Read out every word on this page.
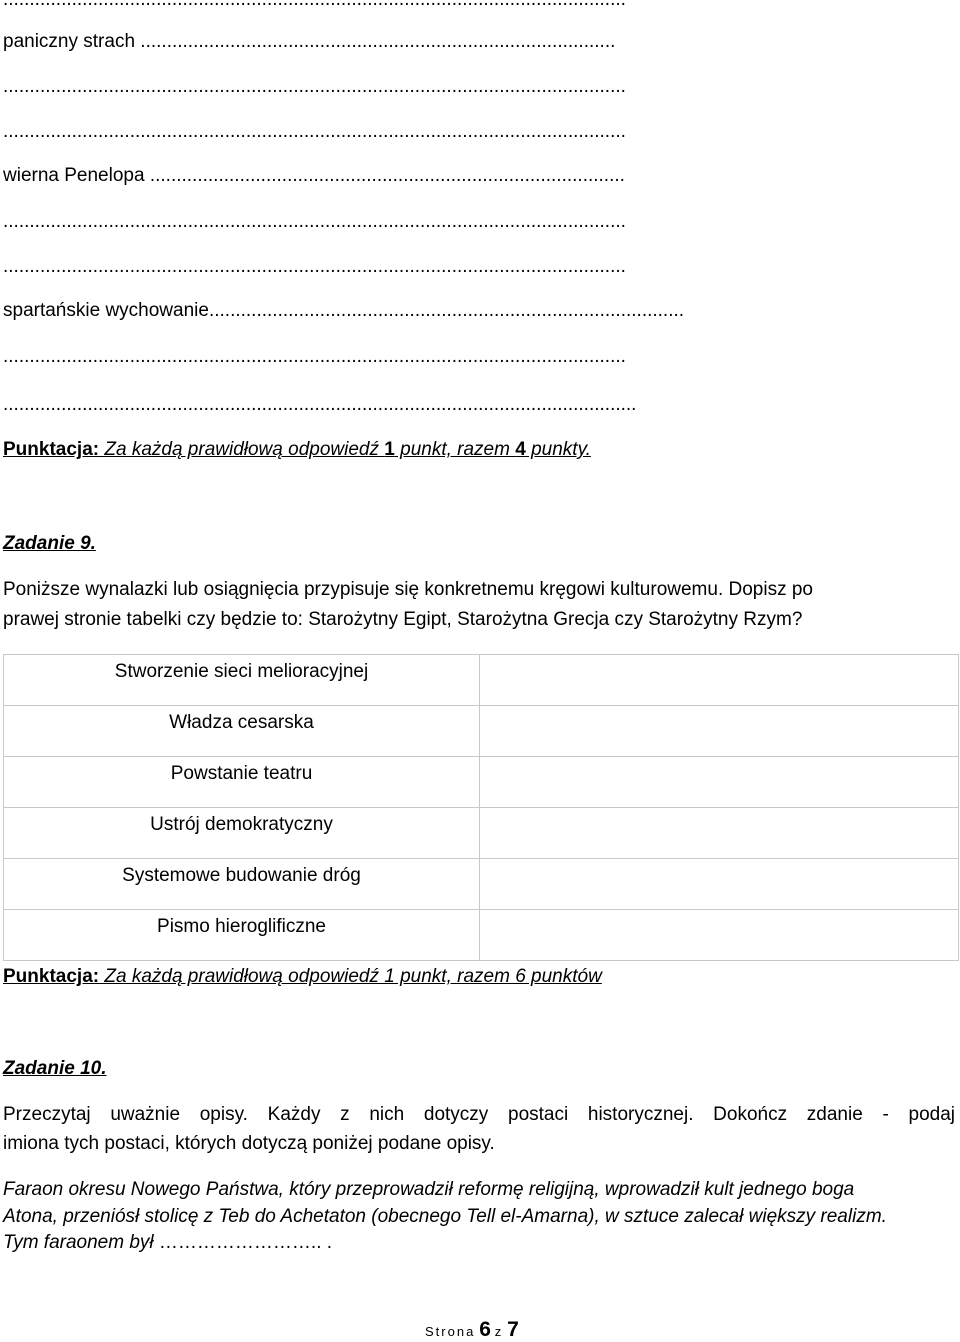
paniczny strach ..........................................................................................
......................................................................................................................
......................................................................................................................
wierna Penelopa ..........................................................................................
......................................................................................................................
......................................................................................................................
spartańskie wychowanie..........................................................................................
......................................................................................................................
........................................................................................................................
Punktacja: Za każdą prawidłową odpowiedź 1 punkt, razem 4 punkty.
Zadanie 9.
Poniższe wynalazki lub osiągnięcia przypisuje się konkretnemu kręgowi kulturowemu. Dopisz po
prawej stronie tabelki czy będzie to: Starożytny Egipt, Starożytna Grecja czy Starożytny Rzym?
Stworzenie sieci melioracyjnej	
Władza cesarska	
Powstanie teatru	
Ustrój demokratyczny	
Systemowe budowanie dróg	
Pismo hieroglificzne	
Punktacja: Za każdą prawidłową odpowiedź 1 punkt, razem 6 punktów
Zadanie 10.
Przeczytaj uważnie opisy. Każdy z nich dotyczy postaci historycznej. Dokończ zdanie - podaj
imiona tych postaci, których dotyczą poniżej podane opisy.
Faraon okresu Nowego Państwa, który przeprowadził reformę religijną, wprowadził kult jednego boga
Atona, przeniósł stolicę z Teb do Achetaton (obecnego Tell el-Amarna), w sztuce zalecał większy realizm.
Tym faraonem był …………………….. .
Strona 6 z 7
